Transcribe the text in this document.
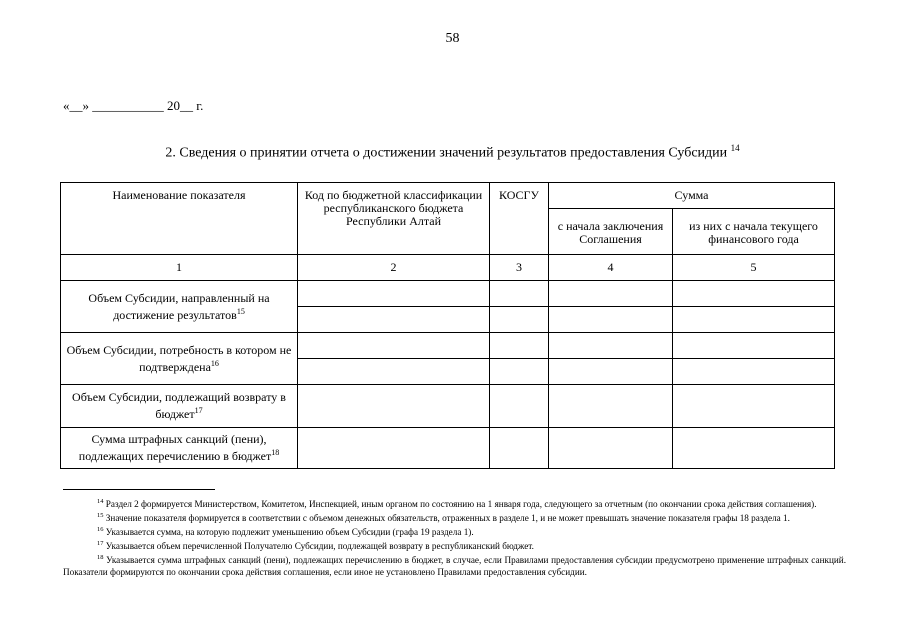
58
«__» ___________ 20__ г.
2. Сведения о принятии отчета о достижении значений результатов предоставления Субсидии $^{14}$
Наименование показателя	Код по бюджетной классификации республиканского бюджета Республики Алтай	КОСГУ	Сумма	
			с начала заключения Соглашения	из них с начала текущего финансового года
1	2	3	4	5
Объем Субсидии, направленный на достижение результатов$^{15}$				

Объем Субсидии, потребность в котором не подтверждена$^{16}$				

Объем Субсидии, подлежащий возврату в бюджет$^{17}$				
Сумма штрафных санкций (пени), подлежащих перечислению в бюджет$^{18}$				

$^{14}$ Раздел 2 формируется Министерством, Комитетом, Инспекцией, иным органом по состоянию на 1 января года, следующего за отчетным (по окончании срока действия соглашения).

$^{15}$ Значение показателя формируется в соответствии с объемом денежных обязательств, отраженных в разделе 1, и не может превышать значение показателя графы 18 раздела 1.

$^{16}$ Указывается сумма, на которую подлежит уменьшению объем Субсидии (графа 19 раздела 1).

$^{17}$ Указывается объем перечисленной Получателю Субсидии, подлежащей возврату в республиканский бюджет.

$^{18}$ Указывается сумма штрафных санкций (пени), подлежащих перечислению в бюджет, в случае, если Правилами предоставления субсидии предусмотрено применение штрафных санкций. Показатели формируются по окончании срока действия соглашения, если иное не установлено Правилами предоставления субсидии.
